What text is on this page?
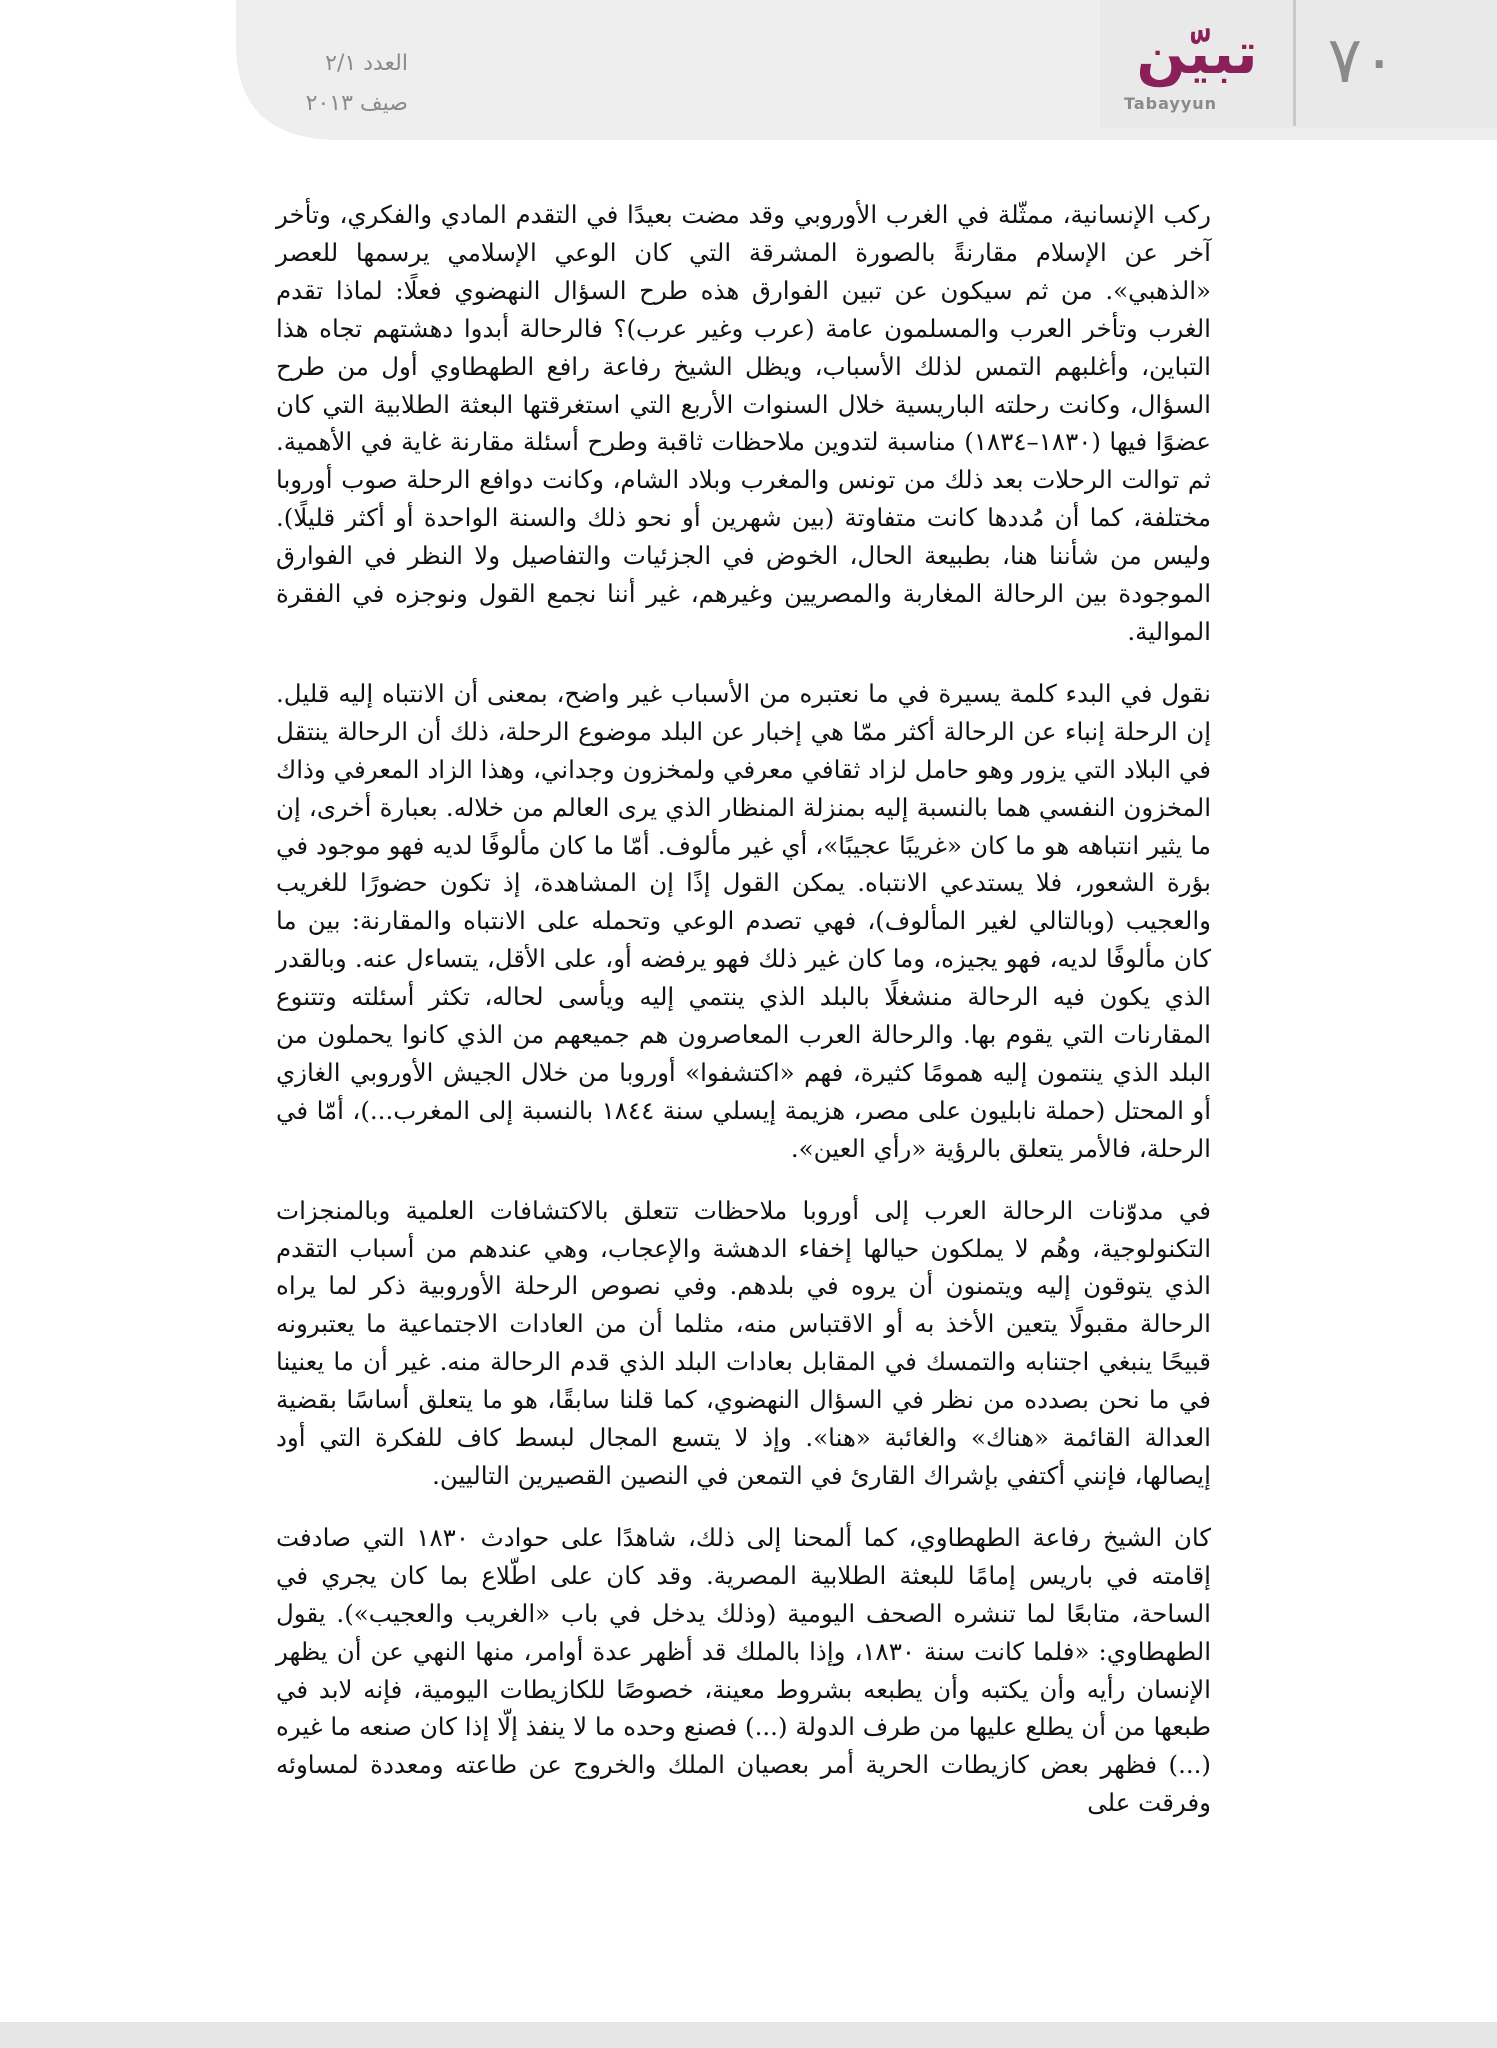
العدد ٢/١
صيف ٢٠١٣
تبيّن
Tabayyun
٧٠

ركب الإنسانية، ممثّلة في الغرب الأوروبي وقد مضت بعيدًا في التقدم المادي والفكري، وتأخر آخر عن الإسلام مقارنةً بالصورة المشرقة التي كان الوعي الإسلامي يرسمها للعصر «الذهبي». من ثم سيكون عن تبين الفوارق هذه طرح السؤال النهضوي فعلًا: لماذا تقدم الغرب وتأخر العرب والمسلمون عامة (عرب وغير عرب)؟ فالرحالة أبدوا دهشتهم تجاه هذا التباين، وأغلبهم التمس لذلك الأسباب، ويظل الشيخ رفاعة رافع الطهطاوي أول من طرح السؤال، وكانت رحلته الباريسية خلال السنوات الأربع التي استغرقتها البعثة الطلابية التي كان عضوًا فيها (١٨٣٠–١٨٣٤) مناسبة لتدوين ملاحظات ثاقبة وطرح أسئلة مقارنة غاية في الأهمية. ثم توالت الرحلات بعد ذلك من تونس والمغرب وبلاد الشام، وكانت دوافع الرحلة صوب أوروبا مختلفة، كما أن مُددها كانت متفاوتة (بين شهرين أو نحو ذلك والسنة الواحدة أو أكثر قليلًا). وليس من شأننا هنا، بطبيعة الحال، الخوض في الجزئيات والتفاصيل ولا النظر في الفوارق الموجودة بين الرحالة المغاربة والمصريين وغيرهم، غير أننا نجمع القول ونوجزه في الفقرة الموالية.

نقول في البدء كلمة يسيرة في ما نعتبره من الأسباب غير واضح، بمعنى أن الانتباه إليه قليل. إن الرحلة إنباء عن الرحالة أكثر ممّا هي إخبار عن البلد موضوع الرحلة، ذلك أن الرحالة ينتقل في البلاد التي يزور وهو حامل لزاد ثقافي معرفي ولمخزون وجداني، وهذا الزاد المعرفي وذاك المخزون النفسي هما بالنسبة إليه بمنزلة المنظار الذي يرى العالم من خلاله. بعبارة أخرى، إن ما يثير انتباهه هو ما كان «غريبًا عجيبًا»، أي غير مألوف. أمّا ما كان مألوفًا لديه فهو موجود في بؤرة الشعور، فلا يستدعي الانتباه. يمكن القول إذًا إن المشاهدة، إذ تكون حضورًا للغريب والعجيب (وبالتالي لغير المألوف)، فهي تصدم الوعي وتحمله على الانتباه والمقارنة: بين ما كان مألوفًا لديه، فهو يجيزه، وما كان غير ذلك فهو يرفضه أو، على الأقل، يتساءل عنه. وبالقدر الذي يكون فيه الرحالة منشغلًا بالبلد الذي ينتمي إليه ويأسى لحاله، تكثر أسئلته وتتنوع المقارنات التي يقوم بها. والرحالة العرب المعاصرون هم جميعهم من الذي كانوا يحملون من البلد الذي ينتمون إليه همومًا كثيرة، فهم «اكتشفوا» أوروبا من خلال الجيش الأوروبي الغازي أو المحتل (حملة نابليون على مصر، هزيمة إيسلي سنة ١٨٤٤ بالنسبة إلى المغرب...)، أمّا في الرحلة، فالأمر يتعلق بالرؤية «رأي العين».

في مدوّنات الرحالة العرب إلى أوروبا ملاحظات تتعلق بالاكتشافات العلمية وبالمنجزات التكنولوجية، وهُم لا يملكون حيالها إخفاء الدهشة والإعجاب، وهي عندهم من أسباب التقدم الذي يتوقون إليه ويتمنون أن يروه في بلدهم. وفي نصوص الرحلة الأوروبية ذكر لما يراه الرحالة مقبولًا يتعين الأخذ به أو الاقتباس منه، مثلما أن من العادات الاجتماعية ما يعتبرونه قبيحًا ينبغي اجتنابه والتمسك في المقابل بعادات البلد الذي قدم الرحالة منه. غير أن ما يعنينا في ما نحن بصدده من نظر في السؤال النهضوي، كما قلنا سابقًا، هو ما يتعلق أساسًا بقضية العدالة القائمة «هناك» والغائبة «هنا». وإذ لا يتسع المجال لبسط كاف للفكرة التي أود إيصالها، فإنني أكتفي بإشراك القارئ في التمعن في النصين القصيرين التاليين.

كان الشيخ رفاعة الطهطاوي، كما ألمحنا إلى ذلك، شاهدًا على حوادث ١٨٣٠ التي صادفت إقامته في باريس إمامًا للبعثة الطلابية المصرية. وقد كان على اطّلاع بما كان يجري في الساحة، متابعًا لما تنشره الصحف اليومية (وذلك يدخل في باب «الغريب والعجيب»). يقول الطهطاوي: «فلما كانت سنة ١٨٣٠، وإذا بالملك قد أظهر عدة أوامر، منها النهي عن أن يظهر الإنسان رأيه وأن يكتبه وأن يطبعه بشروط معينة، خصوصًا للكازيطات اليومية، فإنه لابد في طبعها من أن يطلع عليها من طرف الدولة (...) فصنع وحده ما لا ينفذ إلّا إذا كان صنعه ما غيره (...) فظهر بعض كازيطات الحرية أمر بعصيان الملك والخروج عن طاعته ومعددة لمساوئه وفرقت على
